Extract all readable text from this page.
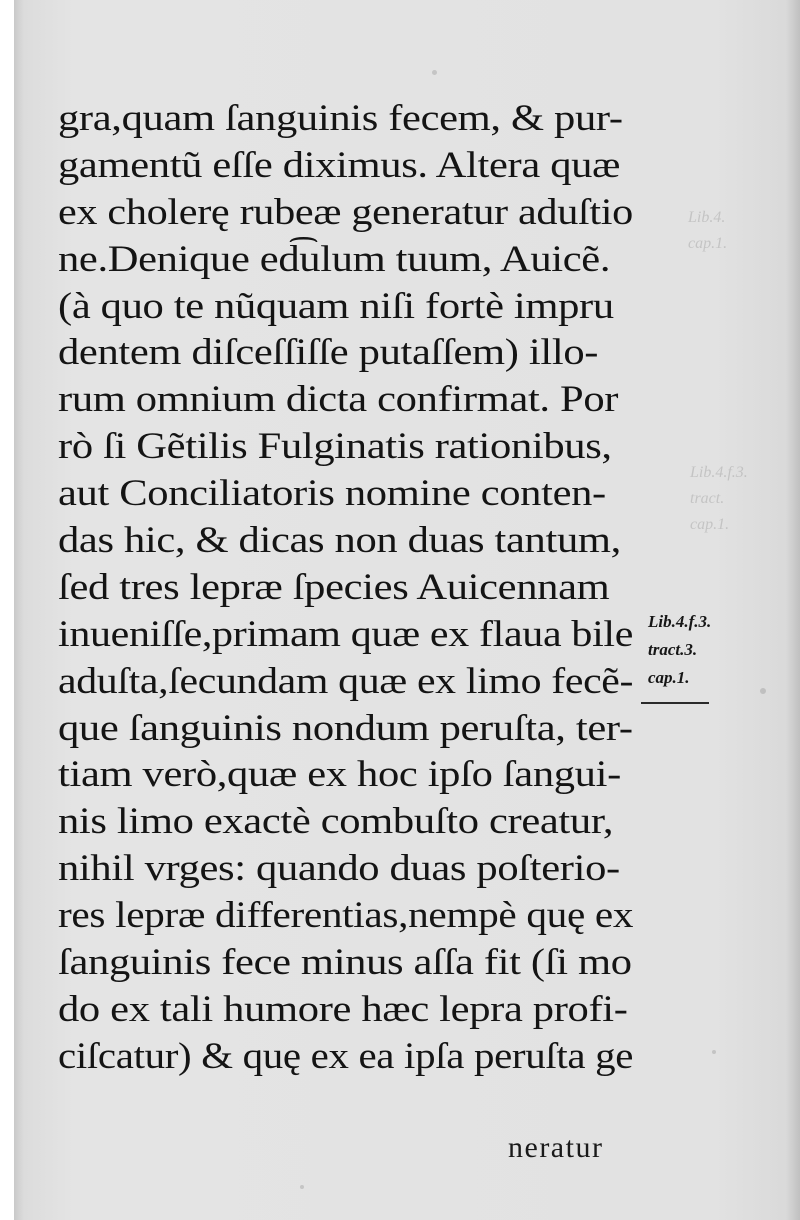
Lib.4.
cap.1.
Lib.4.f.3.
tract.
cap.1.
gra,quam ſanguinis fecem, & pur-
gamentũ eſſe diximus. Altera quæ
ex cholerę rubeæ generatur aduſtio
ne.Denique ed͡ulum tuum, Auicẽ.
(à quo te nũquam niſi fortè impru
dentem diſceſſiſſe putaſſem) illo-
rum omnium dicta confirmat. Por
rò ſi Gẽtilis Fulginatis rationibus,
aut Conciliatoris nomine conten-
das hic, & dicas non duas tantum,
ſed tres lepræ ſpecies Auicennam
inueniſſe,primam quæ ex flaua bile
aduſta,ſecundam quæ ex limo fecẽ-
que ſanguinis nondum peruſta, ter-
tiam verò,quæ ex hoc ipſo ſangui-
nis limo exactè combuſto creatur,
nihil vrges: quando duas poſterio-
res lepræ differentias,nempè quę ex
ſanguinis fece minus aſſa fit (ſi mo
do ex tali humore hæc lepra profi-
ciſcatur) & quę ex ea ipſa peruſta ge
neratur
Lib.4.f.3.
tract.3.
cap.1.
